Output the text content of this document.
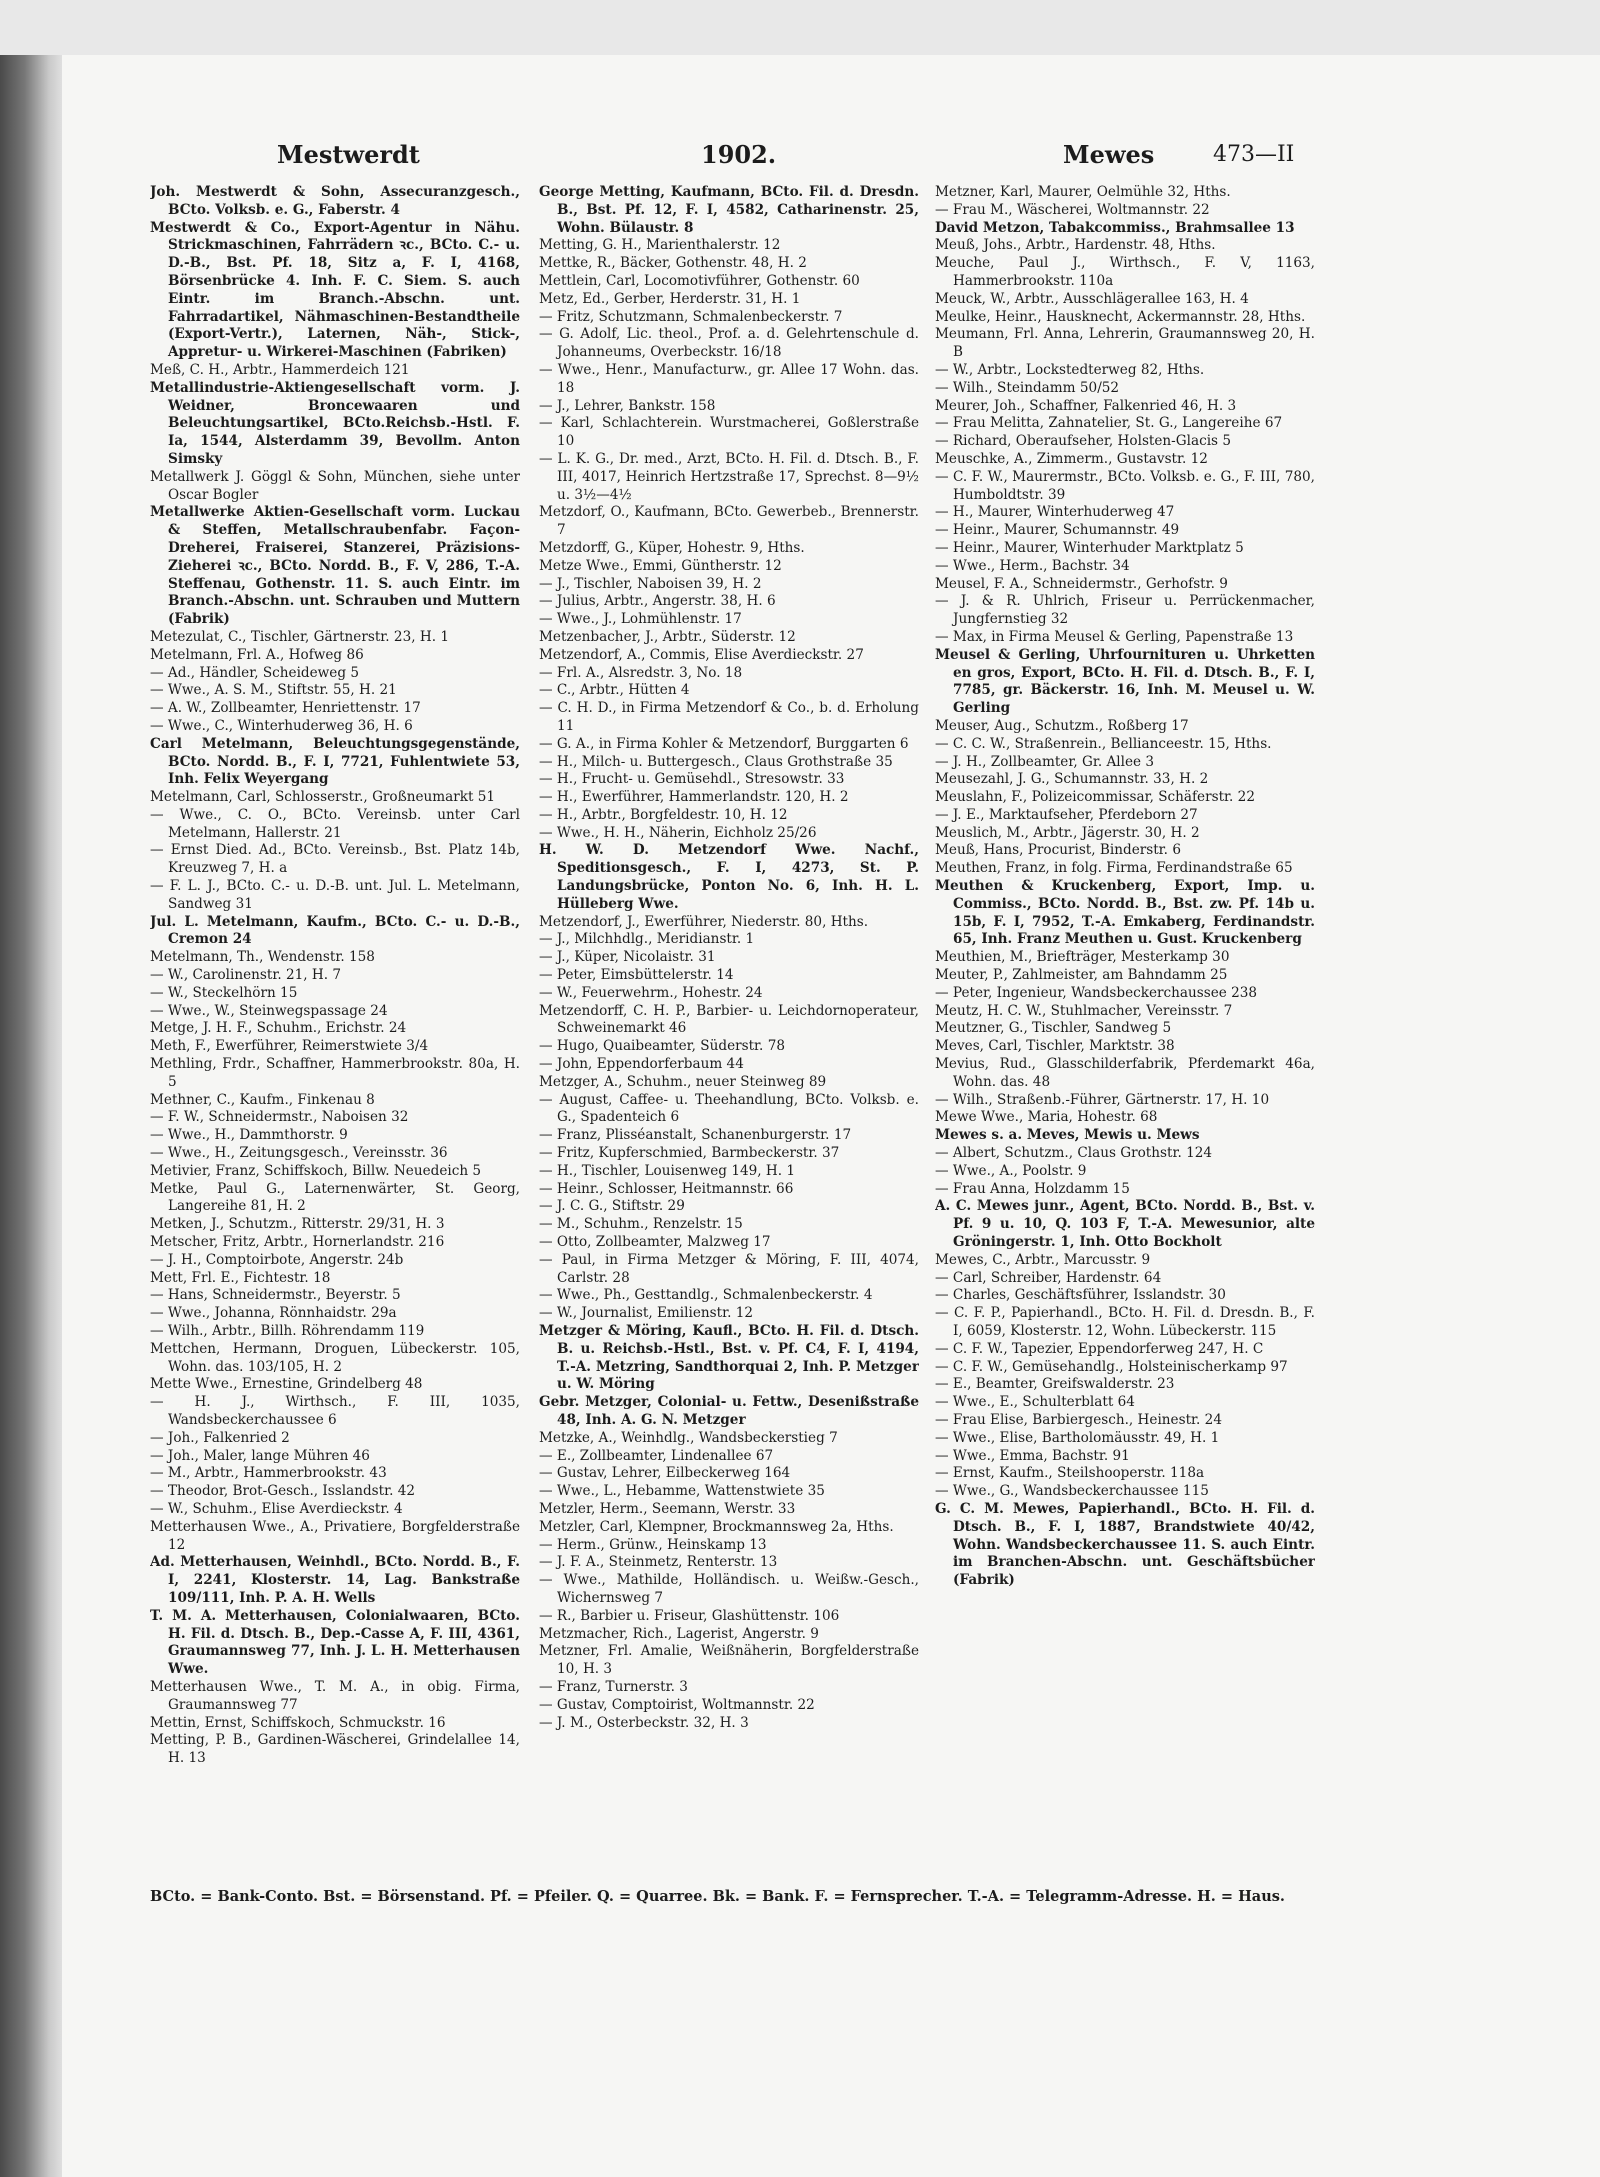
Mestwerdt	1902.	Mewes	473—II

Joh. Mestwerdt & Sohn, Assecuranzgesch., BCto. Volksb. e. G., Faberstr. 4

Mestwerdt & Co., Export-Agentur in Nähu. Strickmaschinen, Fahrrädern ꝛc., BCto. C.- u. D.-B., Bst. Pf. 18, Sitz a, F. I, 4168, Börsenbrücke 4. Inh. F. C. Siem. S. auch Eintr. im Branch.-Abschn. unt. Fahrradartikel, Nähmaschinen-Bestandtheile (Export-Vertr.), Laternen, Näh-, Stick-, Appretur- u. Wirkerei-Maschinen (Fabriken)

Meß, C. H., Arbtr., Hammerdeich 121

Metallindustrie-Aktiengesellschaft vorm. J. Weidner, Broncewaaren und Beleuchtungsartikel, BCto.Reichsb.-Hstl. F. Ia, 1544, Alsterdamm 39, Bevollm. Anton Simsky

Metallwerk J. Göggl & Sohn, München, siehe unter Oscar Bogler

Metallwerke Aktien-Gesellschaft vorm. Luckau & Steffen, Metallschraubenfabr. Façon-Dreherei, Fraiserei, Stanzerei, Präzisions-Zieherei ꝛc., BCto. Nordd. B., F. V, 286, T.-A. Steffenau, Gothenstr. 11. S. auch Eintr. im Branch.-Abschn. unt. Schrauben und Muttern (Fabrik)

Metezulat, C., Tischler, Gärtnerstr. 23, H. 1

Metelmann, Frl. A., Hofweg 86

— Ad., Händler, Scheideweg 5

— Wwe., A. S. M., Stiftstr. 55, H. 21

— A. W., Zollbeamter, Henriettenstr. 17

— Wwe., C., Winterhuderweg 36, H. 6

Carl Metelmann, Beleuchtungsgegenstände, BCto. Nordd. B., F. I, 7721, Fuhlentwiete 53, Inh. Felix Weyergang

Metelmann, Carl, Schlosserstr., Großneumarkt 51

— Wwe., C. O., BCto. Vereinsb. unter Carl Metelmann, Hallerstr. 21

— Ernst Died. Ad., BCto. Vereinsb., Bst. Platz 14b, Kreuzweg 7, H. a

— F. L. J., BCto. C.- u. D.-B. unt. Jul. L. Metelmann, Sandweg 31

Jul. L. Metelmann, Kaufm., BCto. C.- u. D.-B., Cremon 24

Metelmann, Th., Wendenstr. 158

— W., Carolinenstr. 21, H. 7

— W., Steckelhörn 15

— Wwe., W., Steinwegspassage 24

Metge, J. H. F., Schuhm., Erichstr. 24

Meth, F., Ewerführer, Reimerstwiete 3/4

Methling, Frdr., Schaffner, Hammerbrookstr. 80a, H. 5

Methner, C., Kaufm., Finkenau 8

— F. W., Schneidermstr., Naboisen 32

— Wwe., H., Dammthorstr. 9

— Wwe., H., Zeitungsgesch., Vereinsstr. 36

Metivier, Franz, Schiffskoch, Billw. Neuedeich 5

Metke, Paul G., Laternenwärter, St. Georg, Langereihe 81, H. 2

Metken, J., Schutzm., Ritterstr. 29/31, H. 3

Metscher, Fritz, Arbtr., Hornerlandstr. 216

— J. H., Comptoirbote, Angerstr. 24b

Mett, Frl. E., Fichtestr. 18

— Hans, Schneidermstr., Beyerstr. 5

— Wwe., Johanna, Rönnhaidstr. 29a

— Wilh., Arbtr., Billh. Röhrendamm 119

Mettchen, Hermann, Droguen, Lübeckerstr. 105, Wohn. das. 103/105, H. 2

Mette Wwe., Ernestine, Grindelberg 48

— H. J., Wirthsch., F. III, 1035, Wandsbeckerchaussee 6

— Joh., Falkenried 2

— Joh., Maler, lange Mühren 46

— M., Arbtr., Hammerbrookstr. 43

— Theodor, Brot-Gesch., Isslandstr. 42

— W., Schuhm., Elise Averdieckstr. 4

Metterhausen Wwe., A., Privatiere, Borgfelderstraße 12

Ad. Metterhausen, Weinhdl., BCto. Nordd. B., F. I, 2241, Klosterstr. 14, Lag. Bankstraße 109/111, Inh. P. A. H. Wells

T. M. A. Metterhausen, Colonialwaaren, BCto. H. Fil. d. Dtsch. B., Dep.-Casse A, F. III, 4361, Graumannsweg 77, Inh. J. L. H. Metterhausen Wwe.

Metterhausen Wwe., T. M. A., in obig. Firma, Graumannsweg 77

Mettin, Ernst, Schiffskoch, Schmuckstr. 16

Metting, P. B., Gardinen-Wäscherei, Grindelallee 14, H. 13

George Metting, Kaufmann, BCto. Fil. d. Dresdn. B., Bst. Pf. 12, F. I, 4582, Catharinenstr. 25, Wohn. Bülaustr. 8

Metting, G. H., Marienthalerstr. 12

Mettke, R., Bäcker, Gothenstr. 48, H. 2

Mettlein, Carl, Locomotivführer, Gothenstr. 60

Metz, Ed., Gerber, Herderstr. 31, H. 1

— Fritz, Schutzmann, Schmalenbeckerstr. 7

— G. Adolf, Lic. theol., Prof. a. d. Gelehrtenschule d. Johanneums, Overbeckstr. 16/18

— Wwe., Henr., Manufacturw., gr. Allee 17 Wohn. das. 18

— J., Lehrer, Bankstr. 158

— Karl, Schlachterein. Wurstmacherei, Goßlerstraße 10

— L. K. G., Dr. med., Arzt, BCto. H. Fil. d. Dtsch. B., F. III, 4017, Heinrich Hertzstraße 17, Sprechst. 8—9½ u. 3½—4½

Metzdorf, O., Kaufmann, BCto. Gewerbeb., Brennerstr. 7

Metzdorff, G., Küper, Hohestr. 9, Hths.

Metze Wwe., Emmi, Güntherstr. 12

— J., Tischler, Naboisen 39, H. 2

— Julius, Arbtr., Angerstr. 38, H. 6

— Wwe., J., Lohmühlenstr. 17

Metzenbacher, J., Arbtr., Süderstr. 12

Metzendorf, A., Commis, Elise Averdieckstr. 27

— Frl. A., Alsredstr. 3, No. 18

— C., Arbtr., Hütten 4

— C. H. D., in Firma Metzendorf & Co., b. d. Erholung 11

— G. A., in Firma Kohler & Metzendorf, Burggarten 6

— H., Milch- u. Buttergesch., Claus Grothstraße 35

— H., Frucht- u. Gemüsehdl., Stresowstr. 33

— H., Ewerführer, Hammerlandstr. 120, H. 2

— H., Arbtr., Borgfeldestr. 10, H. 12

— Wwe., H. H., Näherin, Eichholz 25/26

H. W. D. Metzendorf Wwe. Nachf., Speditionsgesch., F. I, 4273, St. P. Landungsbrücke, Ponton No. 6, Inh. H. L. Hülleberg Wwe.

Metzendorf, J., Ewerführer, Niederstr. 80, Hths.

— J., Milchhdlg., Meridianstr. 1

— J., Küper, Nicolaistr. 31

— Peter, Eimsbüttelerstr. 14

— W., Feuerwehrm., Hohestr. 24

Metzendorff, C. H. P., Barbier- u. Leichdornoperateur, Schweinemarkt 46

— Hugo, Quaibeamter, Süderstr. 78

— John, Eppendorferbaum 44

Metzger, A., Schuhm., neuer Steinweg 89

— August, Caffee- u. Theehandlung, BCto. Volksb. e. G., Spadenteich 6

— Franz, Plisséanstalt, Schanenburgerstr. 17

— Fritz, Kupferschmied, Barmbeckerstr. 37

— H., Tischler, Louisenweg 149, H. 1

— Heinr., Schlosser, Heitmannstr. 66

— J. C. G., Stiftstr. 29

— M., Schuhm., Renzelstr. 15

— Otto, Zollbeamter, Malzweg 17

— Paul, in Firma Metzger & Möring, F. III, 4074, Carlstr. 28

— Wwe., Ph., Gesttandlg., Schmalenbeckerstr. 4

— W., Journalist, Emilienstr. 12

Metzger & Möring, Kaufl., BCto. H. Fil. d. Dtsch. B. u. Reichsb.-Hstl., Bst. v. Pf. C4, F. I, 4194, T.-A. Metzring, Sandthorquai 2, Inh. P. Metzger u. W. Möring

Gebr. Metzger, Colonial- u. Fettw., Desenißstraße 48, Inh. A. G. N. Metzger

Metzke, A., Weinhdlg., Wandsbeckerstieg 7

— E., Zollbeamter, Lindenallee 67

— Gustav, Lehrer, Eilbeckerweg 164

— Wwe., L., Hebamme, Wattenstwiete 35

Metzler, Herm., Seemann, Werstr. 33

Metzler, Carl, Klempner, Brockmannsweg 2a, Hths.

— Herm., Grünw., Heinskamp 13

— J. F. A., Steinmetz, Renterstr. 13

— Wwe., Mathilde, Holländisch. u. Weißw.-Gesch., Wichernsweg 7

— R., Barbier u. Friseur, Glashüttenstr. 106

Metzmacher, Rich., Lagerist, Angerstr. 9

Metzner, Frl. Amalie, Weißnäherin, Borgfelderstraße 10, H. 3

— Franz, Turnerstr. 3

— Gustav, Comptoirist, Woltmannstr. 22

— J. M., Osterbeckstr. 32, H. 3

Metzner, Karl, Maurer, Oelmühle 32, Hths.

— Frau M., Wäscherei, Woltmannstr. 22

David Metzon, Tabakcommiss., Brahmsallee 13

Meuß, Johs., Arbtr., Hardenstr. 48, Hths.

Meuche, Paul J., Wirthsch., F. V, 1163, Hammerbrookstr. 110a

Meuck, W., Arbtr., Ausschlägerallee 163, H. 4

Meulke, Heinr., Hausknecht, Ackermannstr. 28, Hths.

Meumann, Frl. Anna, Lehrerin, Graumannsweg 20, H. B

— W., Arbtr., Lockstedterweg 82, Hths.

— Wilh., Steindamm 50/52

Meurer, Joh., Schaffner, Falkenried 46, H. 3

— Frau Melitta, Zahnatelier, St. G., Langereihe 67

— Richard, Oberaufseher, Holsten-Glacis 5

Meuschke, A., Zimmerm., Gustavstr. 12

— C. F. W., Maurermstr., BCto. Volksb. e. G., F. III, 780, Humboldtstr. 39

— H., Maurer, Winterhuderweg 47

— Heinr., Maurer, Schumannstr. 49

— Heinr., Maurer, Winterhuder Marktplatz 5

— Wwe., Herm., Bachstr. 34

Meusel, F. A., Schneidermstr., Gerhofstr. 9

— J. & R. Uhlrich, Friseur u. Perrückenmacher, Jungfernstieg 32

— Max, in Firma Meusel & Gerling, Papenstraße 13

Meusel & Gerling, Uhrfournituren u. Uhrketten en gros, Export, BCto. H. Fil. d. Dtsch. B., F. I, 7785, gr. Bäckerstr. 16, Inh. M. Meusel u. W. Gerling

Meuser, Aug., Schutzm., Roßberg 17

— C. C. W., Straßenrein., Bellianceestr. 15, Hths.

— J. H., Zollbeamter, Gr. Allee 3

Meusezahl, J. G., Schumannstr. 33, H. 2

Meuslahn, F., Polizeicommissar, Schäferstr. 22

— J. E., Marktaufseher, Pferdeborn 27

Meuslich, M., Arbtr., Jägerstr. 30, H. 2

Meuß, Hans, Procurist, Binderstr. 6

Meuthen, Franz, in folg. Firma, Ferdinandstraße 65

Meuthen & Kruckenberg, Export, Imp. u. Commiss., BCto. Nordd. B., Bst. zw. Pf. 14b u. 15b, F. I, 7952, T.-A. Emkaberg, Ferdinandstr. 65, Inh. Franz Meuthen u. Gust. Kruckenberg

Meuthien, M., Briefträger, Mesterkamp 30

Meuter, P., Zahlmeister, am Bahndamm 25

— Peter, Ingenieur, Wandsbeckerchaussee 238

Meutz, H. C. W., Stuhlmacher, Vereinsstr. 7

Meutzner, G., Tischler, Sandweg 5

Meves, Carl, Tischler, Marktstr. 38

Mevius, Rud., Glasschilderfabrik, Pferdemarkt 46a, Wohn. das. 48

— Wilh., Straßenb.-Führer, Gärtnerstr. 17, H. 10

Mewe Wwe., Maria, Hohestr. 68

Mewes s. a. Meves, Mewis u. Mews

— Albert, Schutzm., Claus Grothstr. 124

— Wwe., A., Poolstr. 9

— Frau Anna, Holzdamm 15

A. C. Mewes junr., Agent, BCto. Nordd. B., Bst. v. Pf. 9 u. 10, Q. 103 F, T.-A. Mewesunior, alte Gröningerstr. 1, Inh. Otto Bockholt

Mewes, C., Arbtr., Marcusstr. 9

— Carl, Schreiber, Hardenstr. 64

— Charles, Geschäftsführer, Isslandstr. 30

— C. F. P., Papierhandl., BCto. H. Fil. d. Dresdn. B., F. I, 6059, Klosterstr. 12, Wohn. Lübeckerstr. 115

— C. F. W., Tapezier, Eppendorferweg 247, H. C

— C. F. W., Gemüsehandlg., Holsteinischerkamp 97

— E., Beamter, Greifswalderstr. 23

— Wwe., E., Schulterblatt 64

— Frau Elise, Barbiergesch., Heinestr. 24

— Wwe., Elise, Bartholomäusstr. 49, H. 1

— Wwe., Emma, Bachstr. 91

— Ernst, Kaufm., Steilshooperstr. 118a

— Wwe., G., Wandsbeckerchaussee 115

G. C. M. Mewes, Papierhandl., BCto. H. Fil. d. Dtsch. B., F. I, 1887, Brandstwiete 40/42, Wohn. Wandsbeckerchaussee 11. S. auch Eintr. im Branchen-Abschn. unt. Geschäftsbücher (Fabrik)

BCto. = Bank-Conto. Bst. = Börsenstand. Pf. = Pfeiler. Q. = Quarree. Bk. = Bank. F. = Fernsprecher. T.-A. = Telegramm-Adresse. H. = Haus.
